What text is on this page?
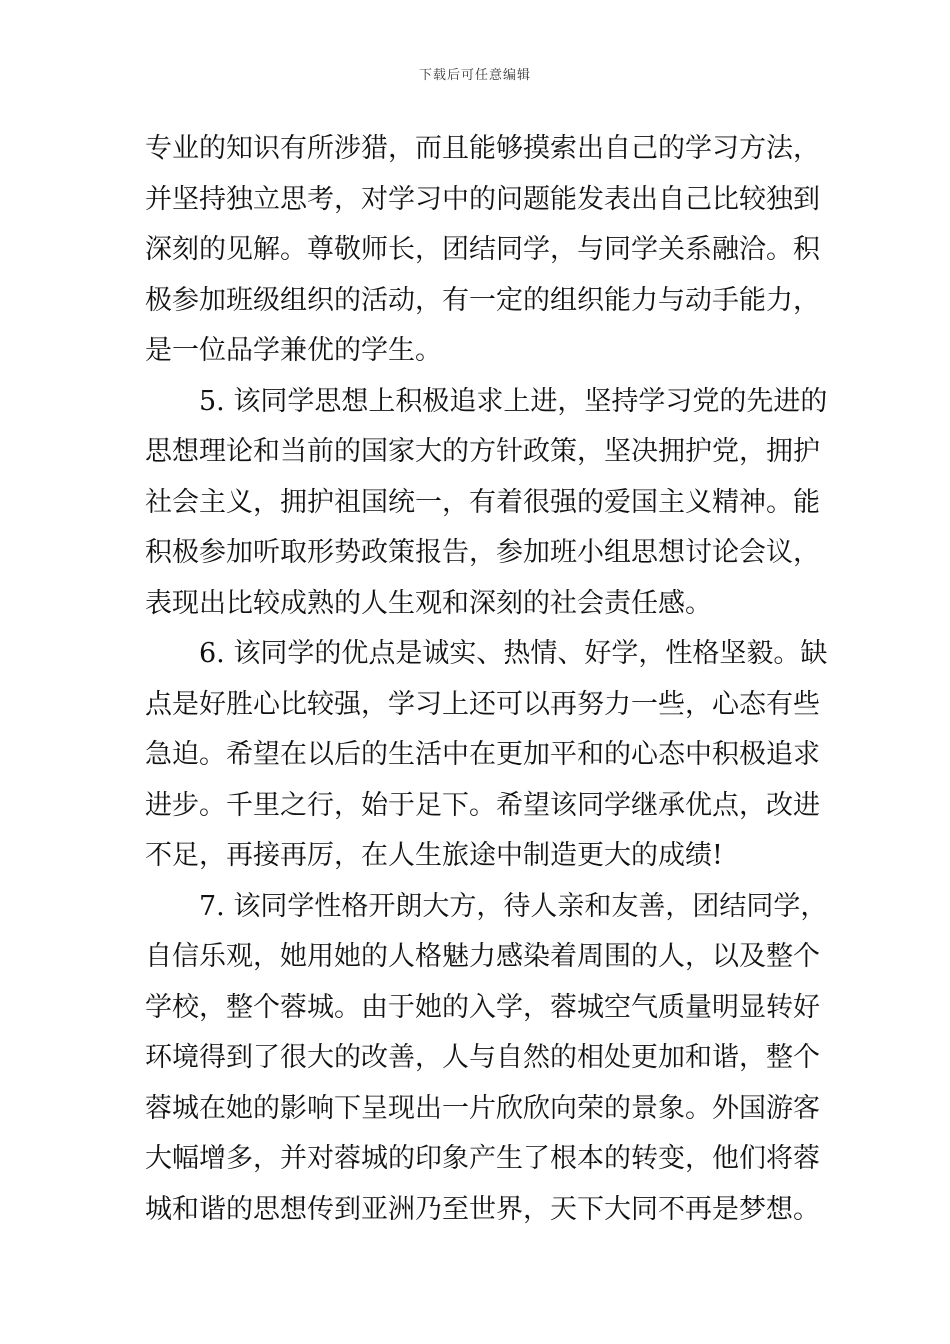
下载后可任意编辑
专业的知识有所涉猎，而且能够摸索出自己的学习方法，
并坚持独立思考，对学习中的问题能发表出自己比较独到
深刻的见解。尊敬师长，团结同学，与同学关系融洽。积
极参加班级组织的活动，有一定的组织能力与动手能力，
是一位品学兼优的学生。
5. 该同学思想上积极追求上进，坚持学习党的先进的
思想理论和当前的国家大的方针政策，坚决拥护党，拥护
社会主义，拥护祖国统一，有着很强的爱国主义精神。能
积极参加听取形势政策报告，参加班小组思想讨论会议，
表现出比较成熟的人生观和深刻的社会责任感。
6. 该同学的优点是诚实、热情、好学，性格坚毅。缺
点是好胜心比较强，学习上还可以再努力一些，心态有些
急迫。希望在以后的生活中在更加平和的心态中积极追求
进步。千里之行，始于足下。希望该同学继承优点，改进
不足，再接再厉，在人生旅途中制造更大的成绩!
7. 该同学性格开朗大方，待人亲和友善，团结同学，
自信乐观，她用她的人格魅力感染着周围的人，以及整个
学校，整个蓉城。由于她的入学，蓉城空气质量明显转好
环境得到了很大的改善，人与自然的相处更加和谐，整个
蓉城在她的影响下呈现出一片欣欣向荣的景象。外国游客
大幅增多，并对蓉城的印象产生了根本的转变，他们将蓉
城和谐的思想传到亚洲乃至世界，天下大同不再是梦想。
